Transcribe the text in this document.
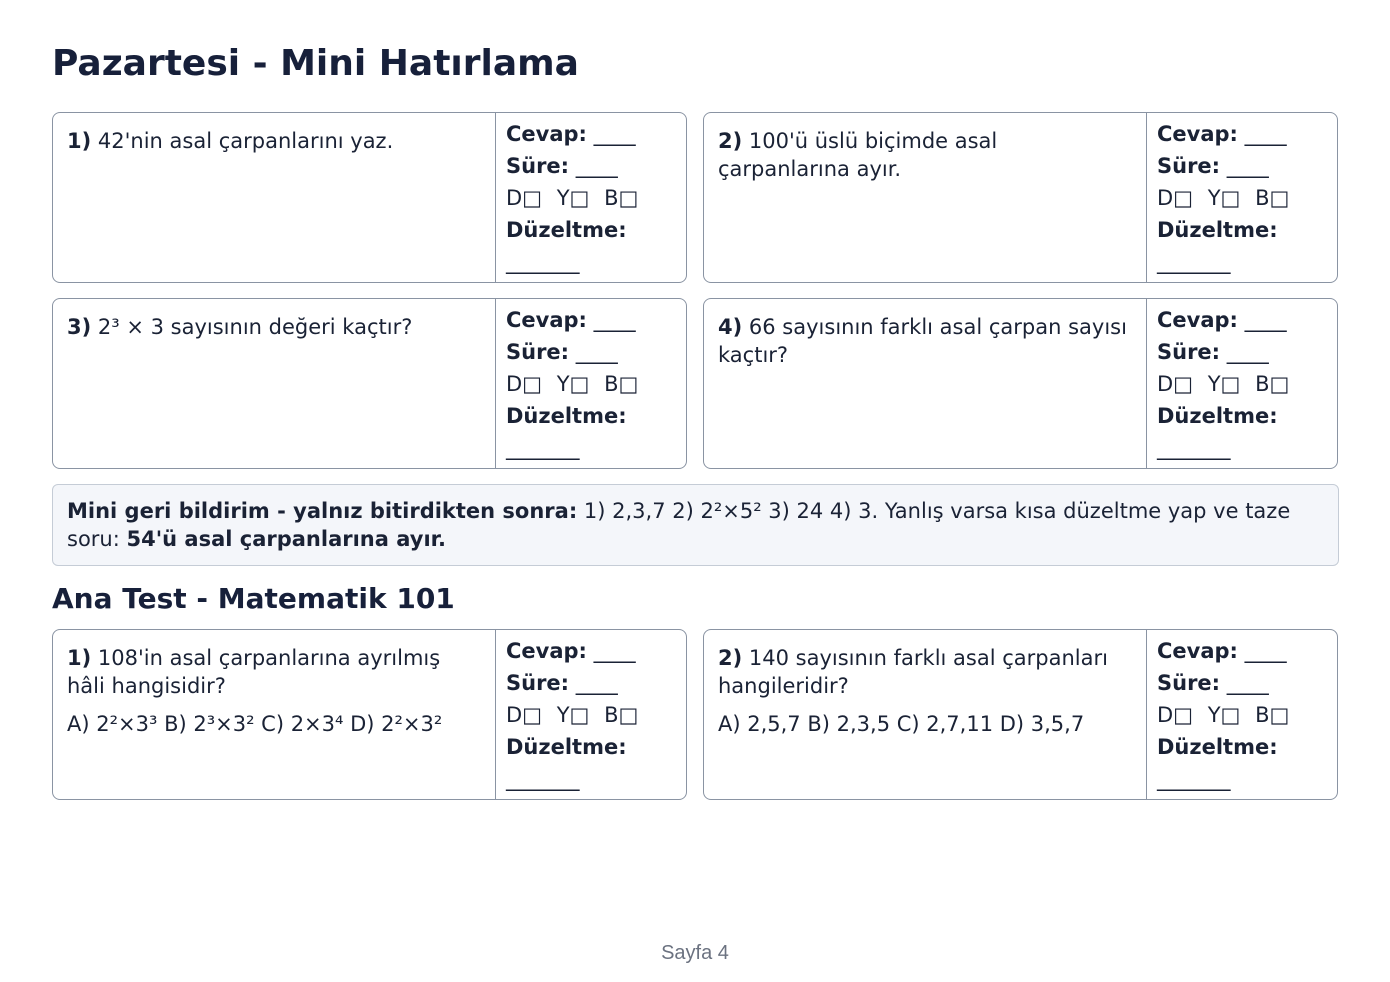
Pazartesi - Mini Hatırlama
1) 42'nin asal çarpanlarını yaz.	Cevap: ____
Süre: ____
D□ Y□ B□
Düzeltme:
_______
2) 100'ü üslü biçimde asal çarpanlarına ayır.
Cevap: ____
Süre: ____
D□ Y□ B□
Düzeltme:
_______
3) 2³ × 3 sayısının değeri kaçtır?	Cevap: ____
Süre: ____
D□ Y□ B□
Düzeltme:
_______
4) 66 sayısının farklı asal çarpan sayısı kaçtır?
Cevap: ____
Süre: ____
D□ Y□ B□
Düzeltme:
_______
Mini geri bildirim - yalnız bitirdikten sonra: 1) 2,3,7 2) 2²×5² 3) 24 4) 3. Yanlış varsa kısa düzeltme yap ve taze soru: 54'ü asal çarpanlarına ayır.
Ana Test - Matematik 101
1) 108'in asal çarpanlarına ayrılmış hâli hangisidir?
A) 2²×3³ B) 2³×3² C) 2×3⁴ D) 2²×3²
Cevap: ____
Süre: ____
D□ Y□ B□
Düzeltme:
_______
2) 140 sayısının farklı asal çarpanları hangileridir?
A) 2,5,7 B) 2,3,5 C) 2,7,11 D) 3,5,7
Cevap: ____
Süre: ____
D□ Y□ B□
Düzeltme:
_______
Sayfa 4
